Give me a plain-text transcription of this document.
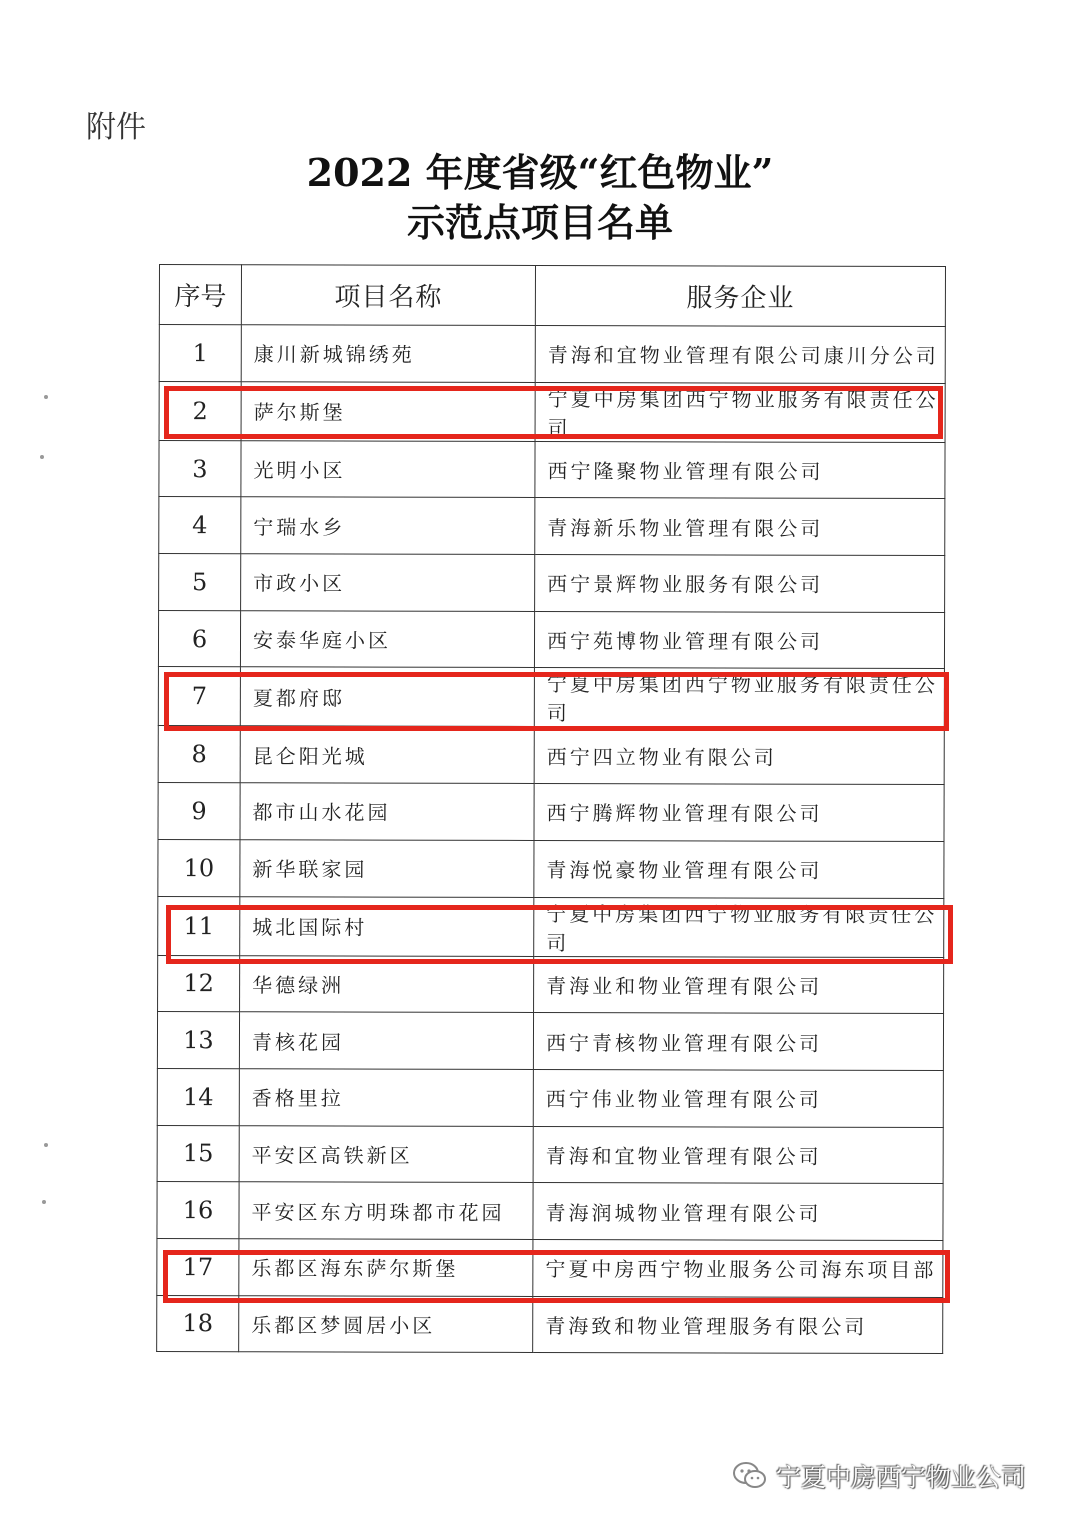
附件
2022 年度省级“红色物业”
示范点项目名单
序号	项目名称	服务企业
1	康川新城锦绣苑	青海和宜物业管理有限公司康川分公司
2	萨尔斯堡	宁夏中房集团西宁物业服务有限责任公司
3	光明小区	西宁隆聚物业管理有限公司
4	宁瑞水乡	青海新乐物业管理有限公司
5	市政小区	西宁景辉物业服务有限公司
6	安泰华庭小区	西宁苑博物业管理有限公司
7	夏都府邸	宁夏中房集团西宁物业服务有限责任公司
8	昆仑阳光城	西宁四立物业有限公司
9	都市山水花园	西宁腾辉物业管理有限公司
10	新华联家园	青海悦豪物业管理有限公司
11	城北国际村	宁夏中房集团西宁物业服务有限责任公司
12	华德绿洲	青海业和物业管理有限公司
13	青核花园	西宁青核物业管理有限公司
14	香格里拉	西宁伟业物业管理有限公司
15	平安区高铁新区	青海和宜物业管理有限公司
16	平安区东方明珠都市花园	青海润城物业管理有限公司
17	乐都区海东萨尔斯堡	宁夏中房西宁物业服务公司海东项目部
18	乐都区梦圆居小区	青海致和物业管理服务有限公司
宁夏中房西宁物业公司
